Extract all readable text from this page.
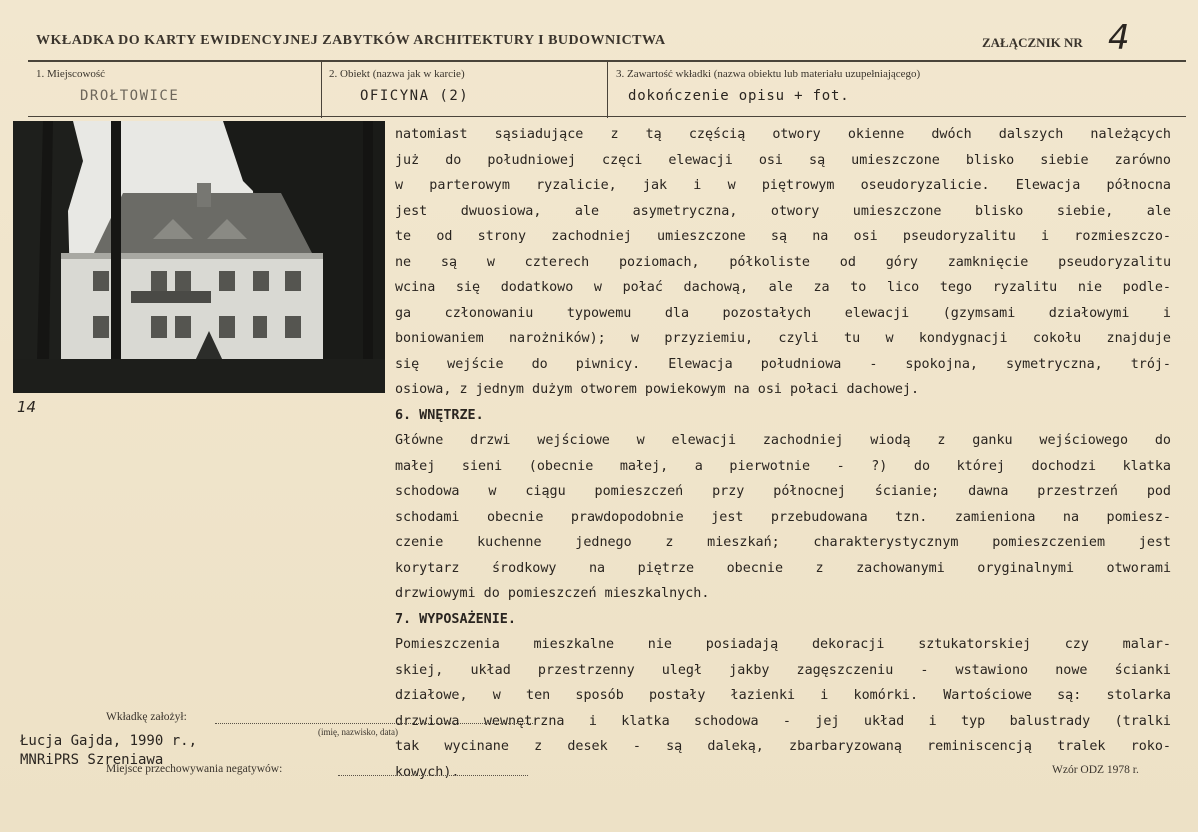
WKŁADKA DO KARTY EWIDENCYJNEJ ZABYTKÓW ARCHITEKTURY I BUDOWNICTWA	ZAŁĄCZNIK NR 4
1. Miejscowość
DROŁTOWICE
2. Obiekt (nazwa jak w karcie)
OFICYNA (2)
3. Zawartość wkładki (nazwa obiektu lub materiału uzupełniającego)
dokończenie opisu + fot.
14
natomiast sąsiadujące z tą częścią otwory okienne dwóch dalszych należących
już do południowej częci elewacji osi są umieszczone blisko siebie zarówno
w parterowym ryzalicie, jak i w piętrowym oseudoryzalicie. Elewacja północna
jest dwuosiowa, ale asymetryczna, otwory umieszczone blisko siebie, ale
te od strony zachodniej umieszczone są na osi pseudoryzalitu i rozmieszczo-
ne są w czterech poziomach, półkoliste od góry zamknięcie pseudoryzalitu
wcina się dodatkowo w połać dachową, ale za to lico tego ryzalitu nie podle-
ga członowaniu typowemu dla pozostałych elewacji (gzymsami działowymi i
boniowaniem narożników); w przyziemiu, czyli tu w kondygnacji cokołu znajduje
się wejście do piwnicy. Elewacja południowa - spokojna, symetryczna, trój-
osiowa, z jednym dużym otworem powiekowym na osi połaci dachowej.
6. WNĘTRZE.
Główne drzwi wejściowe w elewacji zachodniej wiodą z ganku wejściowego do
małej sieni (obecnie małej, a pierwotnie - ?) do której dochodzi klatka
schodowa w ciągu pomieszczeń przy północnej ścianie; dawna przestrzeń pod
schodami obecnie prawdopodobnie jest przebudowana tzn. zamieniona na pomiesz-
czenie kuchenne jednego z mieszkań; charakterystycznym pomieszczeniem jest
korytarz środkowy na piętrze obecnie z zachowanymi oryginalnymi otworami
drzwiowymi do pomieszczeń mieszkalnych.
7. WYPOSAŻENIE.
Pomieszczenia mieszkalne nie posiadają dekoracji sztukatorskiej czy malar-
skiej, układ przestrzenny uległ jakby zagęszczeniu - wstawiono nowe ścianki
działowe, w ten sposób postały łazienki i komórki. Wartościowe są: stolarka
drzwiowa wewnętrzna i klatka schodowa - jej układ i typ balustrady (tralki
tak wycinane z desek - są daleką, zbarbaryzowaną reminiscencją tralek roko-
kowych).
Wkładkę założył:
(imię, nazwisko, data)
Łucja Gajda, 1990 r.,
MNRiPRS Szreniawa
Miejsce przechowywania negatywów:	Wzór ODZ 1978 r.
